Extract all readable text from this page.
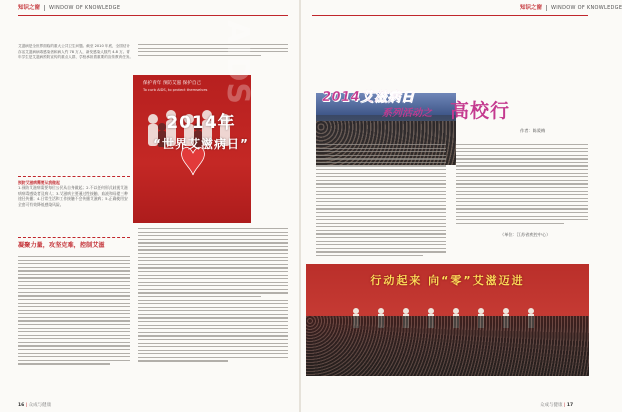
知识之窗 WINDOW OF KNOWLEDGE
艾滋病是全世界面临的重大公共卫生问题。截至 2010 年底，全国估计存活艾滋病病毒感染者和病人约 78 万人，新发感染人数约 4.8 万。青年学生是艾滋病预防宣传的重点人群，学校承担着重要的宣传教育任务。
保护青年 预防艾滋 保护自己
To curb AIDS, to protect themselves AIDS
2014年
“世界艾滋病日”
预防艾滋病需要从我做起
1.预防艾滋病需要每位公民从自身做起；2.不以任何形式歧视艾滋病病毒感染者及病人；3.艾滋病主要通过性接触、血液和母婴三种途径传播；4.日常生活和工作接触不会传播艾滋病；5.正确使用安全套可有效降低感染风险。
凝聚力量，攻坚克难，控制艾滋
16 | 众成与健康
知识之窗 WINDOW OF KNOWLEDGE
2014艾滋病日
系列活动之 高校行
作者：陈爱梅
（单位：江苏省疾控中心）
行动起来 向“零”艾滋迈进
众成与健康 | 17
